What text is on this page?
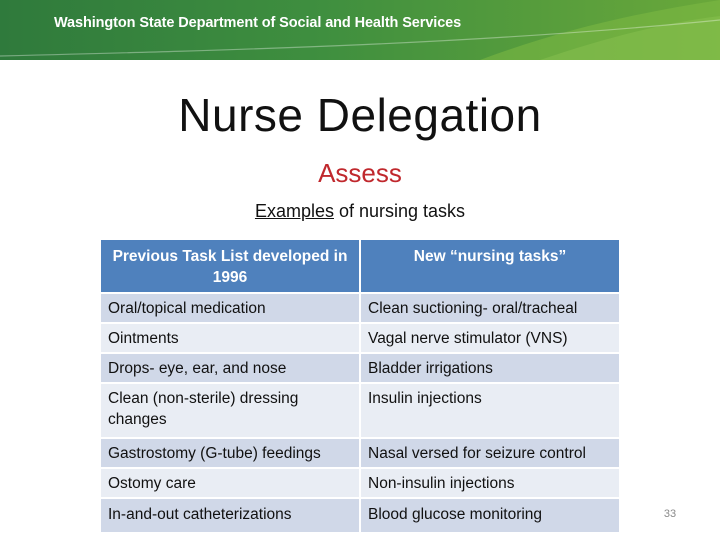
Washington State Department of Social and Health Services
Nurse Delegation
Assess
Examples of nursing tasks
Previous Task List developed in 1996	New “nursing tasks”
Oral/topical medication	Clean suctioning- oral/tracheal
Ointments	Vagal nerve stimulator (VNS)
Drops- eye, ear, and nose	Bladder irrigations
Clean (non-sterile) dressing changes	Insulin injections
Gastrostomy (G-tube) feedings	Nasal versed for seizure control
Ostomy care	Non-insulin injections
In-and-out catheterizations	Blood glucose monitoring	33
